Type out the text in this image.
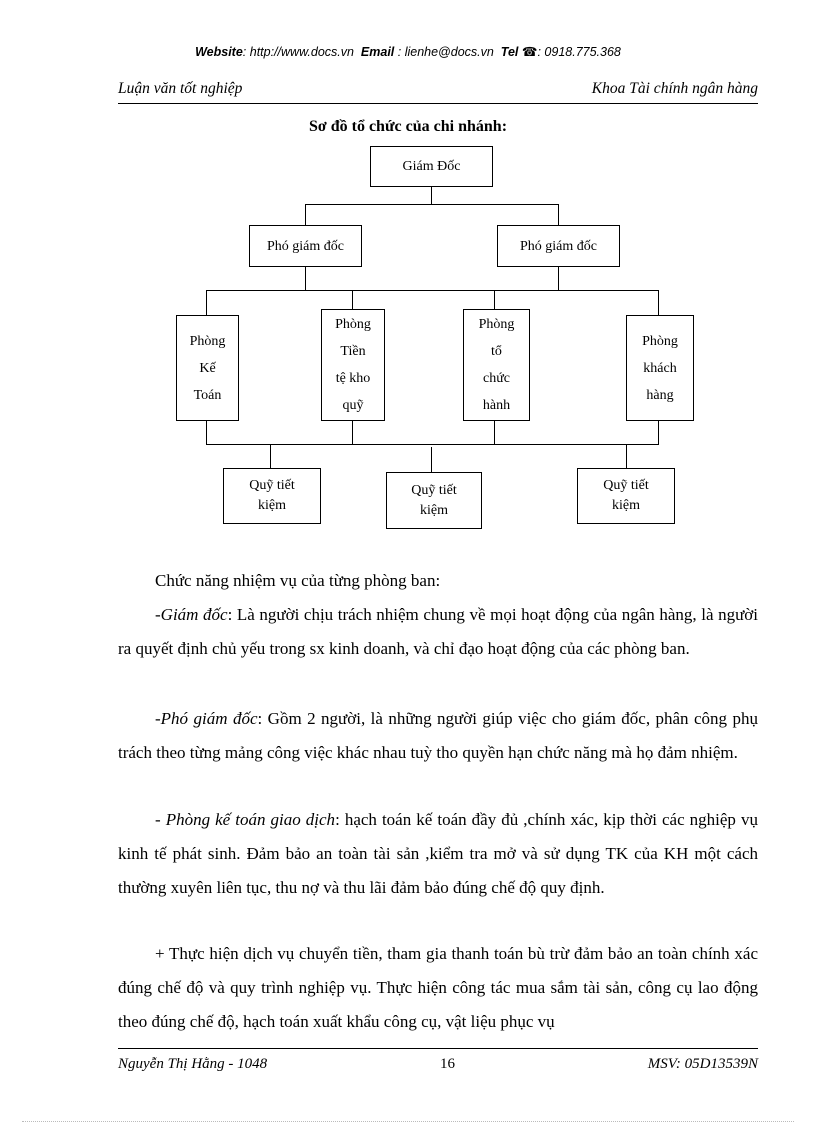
Website: http://www.docs.vn Email : lienhe@docs.vn Tel ☎: 0918.775.368
Luận văn tốt nghiệp	Khoa Tài chính ngân hàng
Sơ đồ tổ chức của chi nhánh:
Giám Đốc
Phó giám đốc	Phó giám đốc
Phòng
Kế
Toán
Phòng
Tiền
tệ kho
quỹ
Phòng
tổ
chức
hành
Phòng
khách
hàng
Quỹ tiết
kiệm
Quỹ tiết
kiệm
Quỹ tiết
kiệm
Chức năng nhiệm vụ của từng phòng ban:
-Giám đốc: Là người chịu trách nhiệm chung về mọi hoạt động của ngân hàng, là người ra quyết định chủ yếu trong sx kinh doanh, và chỉ đạo hoạt động của các phòng ban.
-Phó giám đốc: Gồm 2 người, là những người giúp việc cho giám đốc, phân công phụ trách theo từng mảng công việc khác nhau tuỳ tho quyền hạn chức năng mà họ đảm nhiệm.
- Phòng kế toán giao dịch: hạch toán kế toán đầy đủ ,chính xác, kịp thời các nghiệp vụ kinh tế phát sinh. Đảm bảo an toàn tài sản ,kiểm tra mở và sử dụng TK của KH một cách thường xuyên liên tục, thu nợ và thu lãi đảm bảo đúng chế độ quy định.
+ Thực hiện dịch vụ chuyển tiền, tham gia thanh toán bù trừ đảm bảo an toàn chính xác đúng chế độ và quy trình nghiệp vụ. Thực hiện công tác mua sắm tài sản, công cụ lao động theo đúng chế độ, hạch toán xuất khẩu công cụ, vật liệu phục vụ
Nguyễn Thị Hằng - 1048	16	MSV: 05D13539N
